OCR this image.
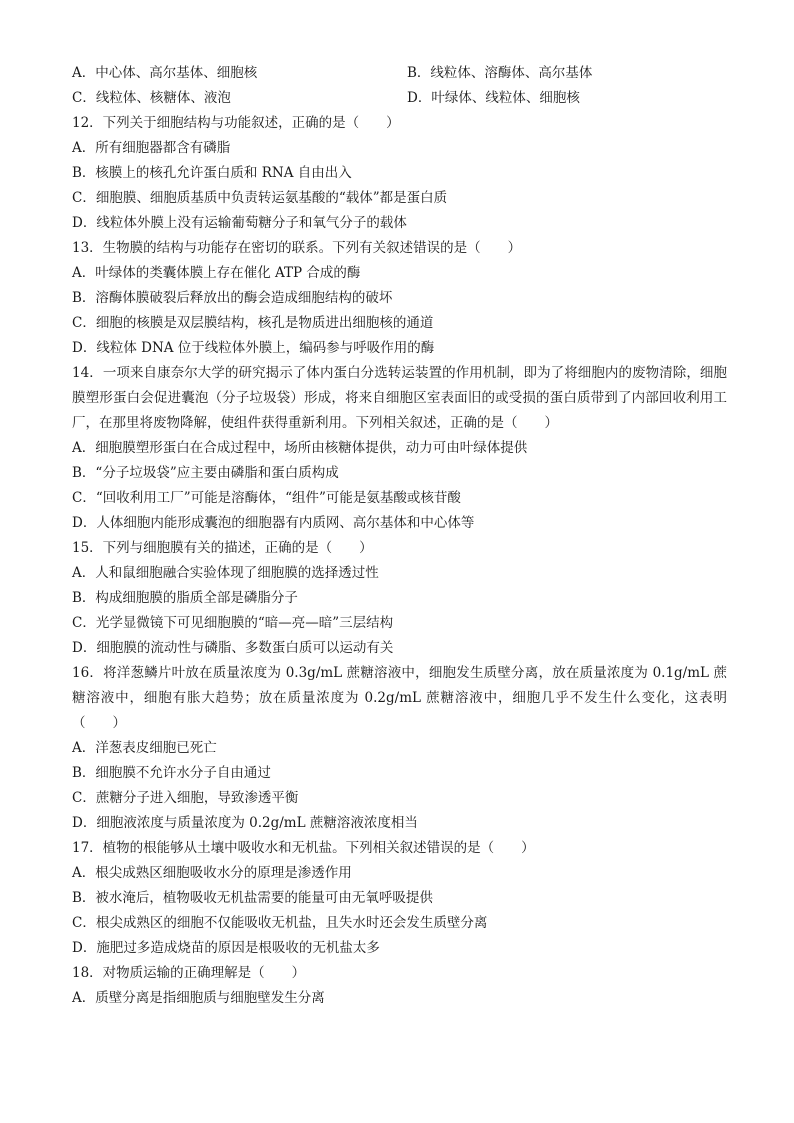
A．中心体、高尔基体、细胞核	B．线粒体、溶酶体、高尔基体
C．线粒体、核糖体、液泡	D．叶绿体、线粒体、细胞核
12．下列关于细胞结构与功能叙述，正确的是（　　）
A．所有细胞器都含有磷脂
B．核膜上的核孔允许蛋白质和 RNA 自由出入
C．细胞膜、细胞质基质中负责转运氨基酸的“载体”都是蛋白质
D．线粒体外膜上没有运输葡萄糖分子和氧气分子的载体
13．生物膜的结构与功能存在密切的联系。下列有关叙述错误的是（　　）
A．叶绿体的类囊体膜上存在催化 ATP 合成的酶
B．溶酶体膜破裂后释放出的酶会造成细胞结构的破坏
C．细胞的核膜是双层膜结构，核孔是物质进出细胞核的通道
D．线粒体 DNA 位于线粒体外膜上，编码参与呼吸作用的酶
14．一项来自康奈尔大学的研究揭示了体内蛋白分选转运装置的作用机制，即为了将细胞内的废物清除，细胞膜塑形蛋白会促进囊泡（分子垃圾袋）形成，将来自细胞区室表面旧的或受损的蛋白质带到了内部回收利用工厂，在那里将废物降解，使组件获得重新利用。下列相关叙述，正确的是（　　）
A．细胞膜塑形蛋白在合成过程中，场所由核糖体提供，动力可由叶绿体提供
B．“分子垃圾袋”应主要由磷脂和蛋白质构成
C．“回收利用工厂”可能是溶酶体，“组件”可能是氨基酸或核苷酸
D．人体细胞内能形成囊泡的细胞器有内质网、高尔基体和中心体等
15．下列与细胞膜有关的描述，正确的是（　　）
A．人和鼠细胞融合实验体现了细胞膜的选择透过性
B．构成细胞膜的脂质全部是磷脂分子
C．光学显微镜下可见细胞膜的“暗—亮—暗”三层结构
D．细胞膜的流动性与磷脂、多数蛋白质可以运动有关
16．将洋葱鳞片叶放在质量浓度为 0.3g/mL 蔗糖溶液中，细胞发生质壁分离，放在质量浓度为 0.1g/mL 蔗糖溶液中，细胞有胀大趋势；放在质量浓度为 0.2g/mL 蔗糖溶液中，细胞几乎不发生什么变化，这表明（　　）
A．洋葱表皮细胞已死亡
B．细胞膜不允许水分子自由通过
C．蔗糖分子进入细胞，导致渗透平衡
D．细胞液浓度与质量浓度为 0.2g/mL 蔗糖溶液浓度相当
17．植物的根能够从土壤中吸收水和无机盐。下列相关叙述错误的是（　　）
A．根尖成熟区细胞吸收水分的原理是渗透作用
B．被水淹后，植物吸收无机盐需要的能量可由无氧呼吸提供
C．根尖成熟区的细胞不仅能吸收无机盐，且失水时还会发生质壁分离
D．施肥过多造成烧苗的原因是根吸收的无机盐太多
18．对物质运输的正确理解是（　　）
A．质壁分离是指细胞质与细胞壁发生分离
